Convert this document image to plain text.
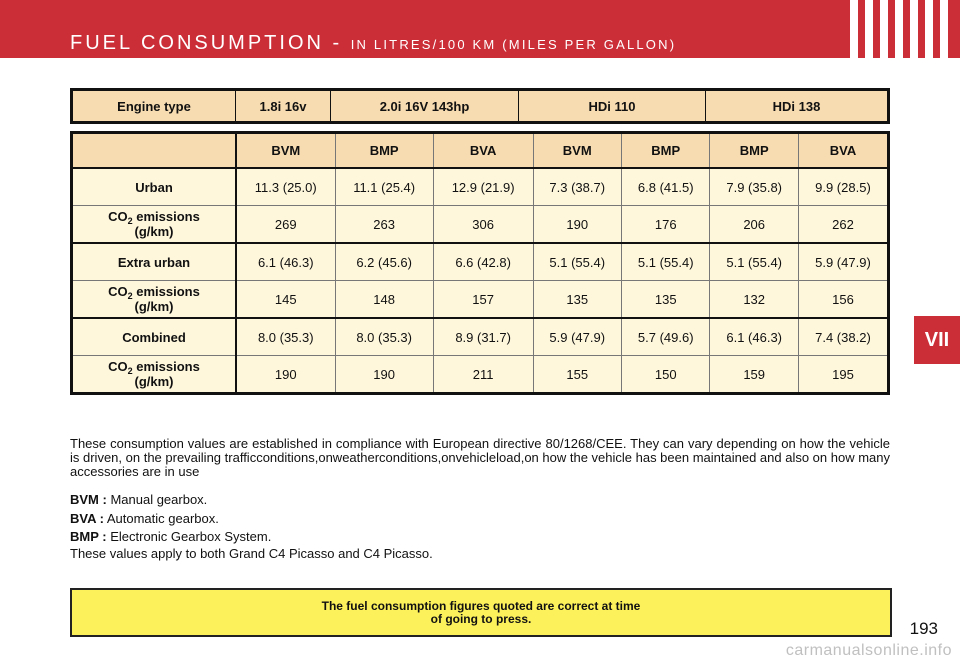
FUEL CONSUMPTION - IN LITRES/100 KM (MILES PER GALLON)
VII
Engine type	1.8i 16v	2.0i 16V 143hp	HDi 110	HDi 138
	BVM	BMP	BVA	BVM	BMP	BMP	BVA
Urban	11.3 (25.0)	11.1 (25.4)	12.9 (21.9)	7.3 (38.7)	6.8 (41.5)	7.9 (35.8)	9.9 (28.5)
$CO_2$ emissions
(g/km)	269	263	306	190	176	206	262
Extra urban	6.1 (46.3)	6.2 (45.6)	6.6 (42.8)	5.1 (55.4)	5.1 (55.4)	5.1 (55.4)	5.9 (47.9)
$CO_2$ emissions
(g/km)	145	148	157	135	135	132	156
Combined	8.0 (35.3)	8.0 (35.3)	8.9 (31.7)	5.9 (47.9)	5.7 (49.6)	6.1 (46.3)	7.4 (38.2)
$CO_2$ emissions
(g/km)	190	190	211	155	150	159	195
These consumption values are established in compliance with European directive 80/1268/CEE. They can vary depending on how the vehicle is driven, on the prevailing trafficconditions,onweatherconditions,onvehicleload,on how the vehicle has been maintained and also on how many accessories are in use
BVM : Manual gearbox.
BVA : Automatic gearbox.
BMP : Electronic Gearbox System.
These values apply to both Grand C4 Picasso and C4 Picasso.
The fuel consumption figures quoted are correct at time
of going to press.
193
carmanualsonline.info
